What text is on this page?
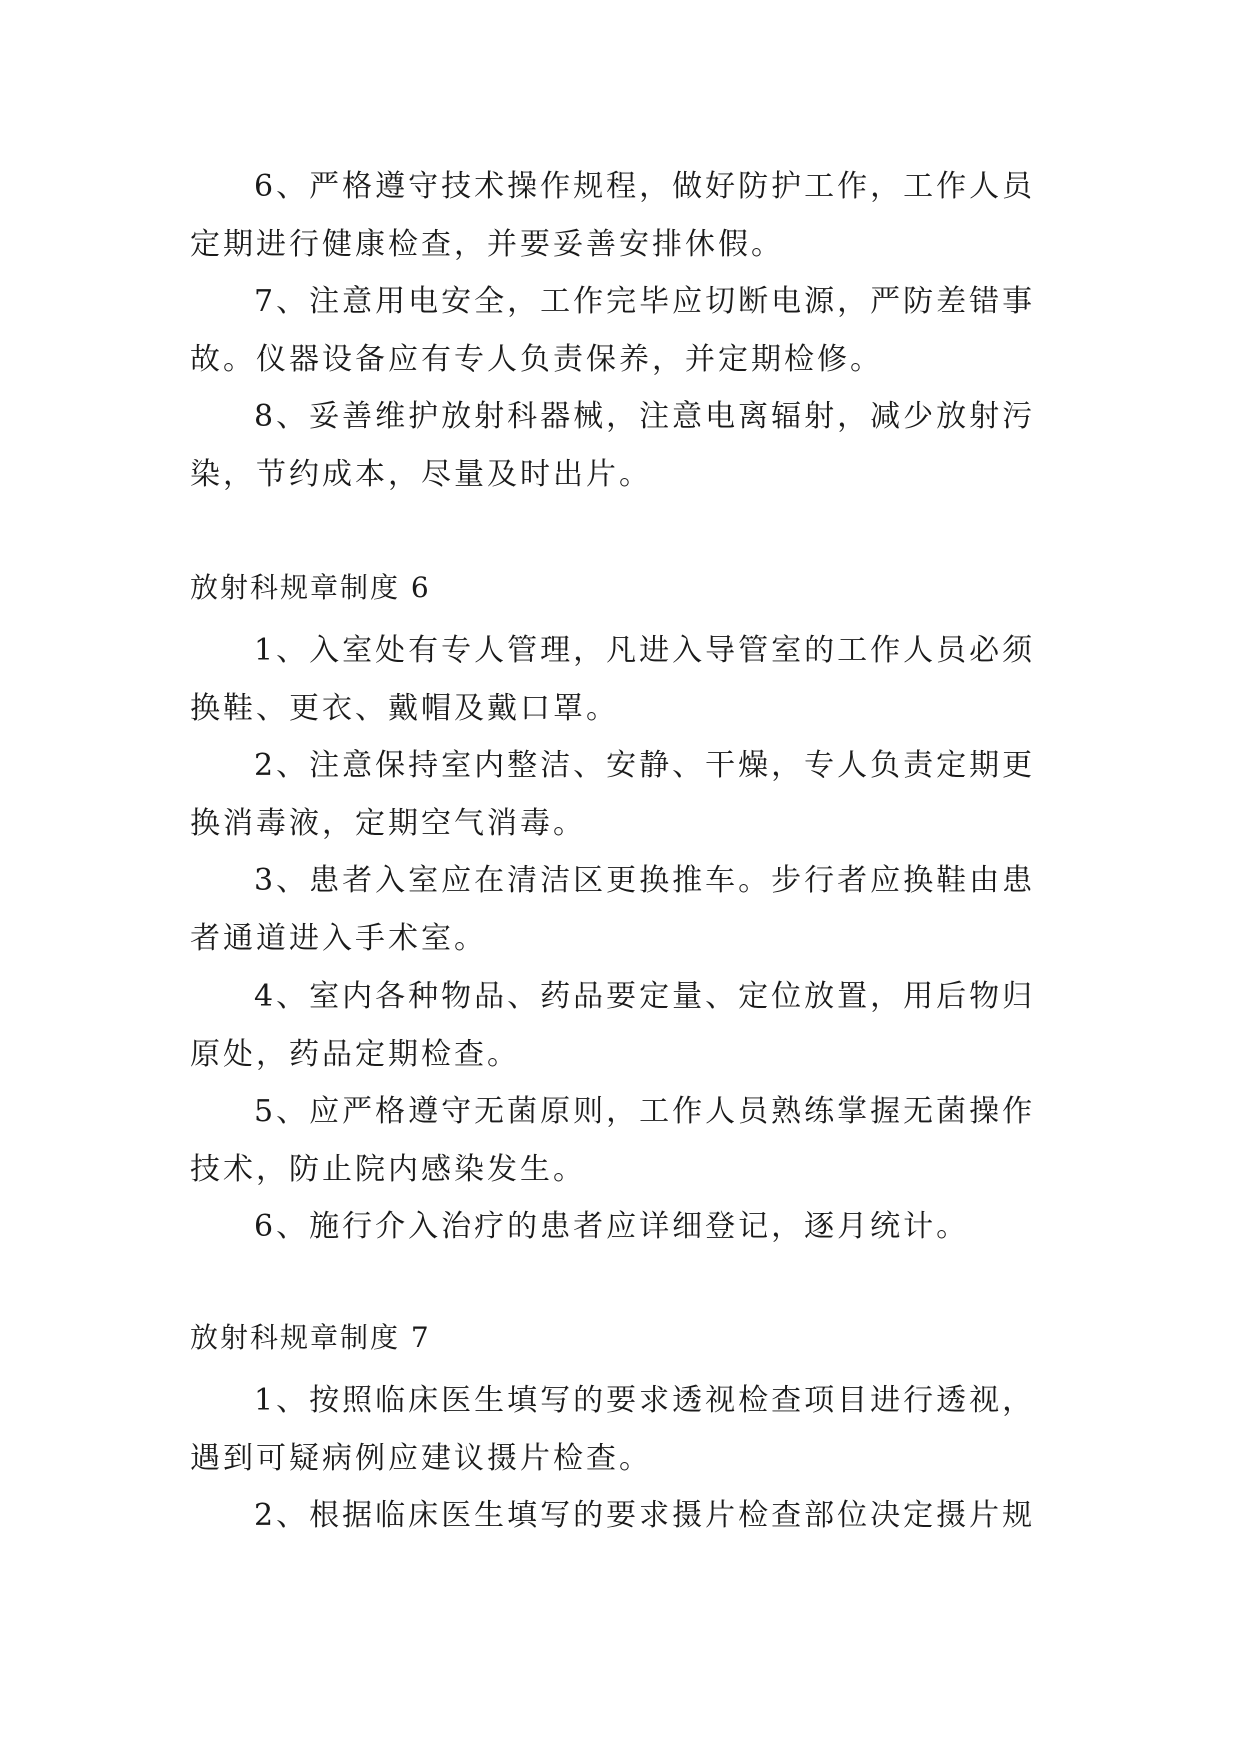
6、严格遵守技术操作规程，做好防护工作，工作人员
定期进行健康检查，并要妥善安排休假。

7、注意用电安全，工作完毕应切断电源，严防差错事
故。仪器设备应有专人负责保养，并定期检修。

8、妥善维护放射科器械，注意电离辐射，减少放射污
染，节约成本，尽量及时出片。

放射科规章制度 6

1、入室处有专人管理，凡进入导管室的工作人员必须
换鞋、更衣、戴帽及戴口罩。

2、注意保持室内整洁、安静、干燥，专人负责定期更
换消毒液，定期空气消毒。

3、患者入室应在清洁区更换推车。步行者应换鞋由患
者通道进入手术室。

4、室内各种物品、药品要定量、定位放置，用后物归
原处，药品定期检查。

5、应严格遵守无菌原则，工作人员熟练掌握无菌操作
技术，防止院内感染发生。

6、施行介入治疗的患者应详细登记，逐月统计。

放射科规章制度 7

1、按照临床医生填写的要求透视检查项目进行透视，
遇到可疑病例应建议摄片检查。

2、根据临床医生填写的要求摄片检查部位决定摄片规
